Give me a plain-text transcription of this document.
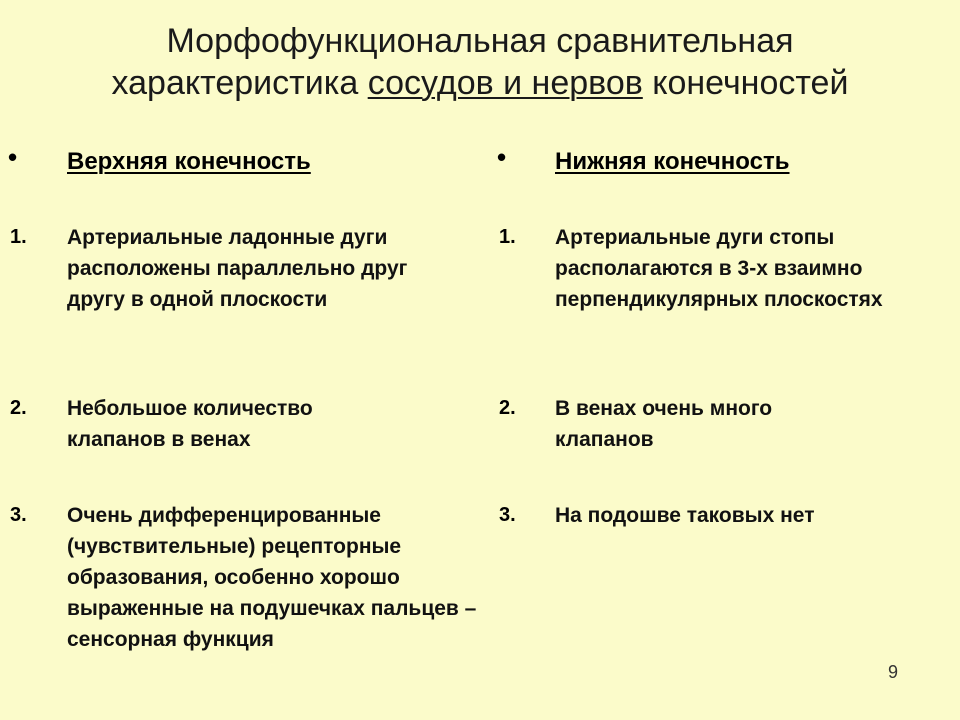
Морфофункциональная сравнительная
характеристика сосудов и нервов конечностей
• Верхняя конечность
1. Артериальные ладонные дуги расположены параллельно друг другу в одной плоскости
2. Небольшое количество клапанов в венах
3. Очень дифференцированные (чувствительные) рецепторные образования, особенно хорошо выраженные на подушечках пальцев – сенсорная функция
• Нижняя конечность
1. Артериальные дуги стопы располагаются в 3-х взаимно перпендикулярных плоскостях
2. В венах очень много клапанов
3. На подошве таковых нет
9
